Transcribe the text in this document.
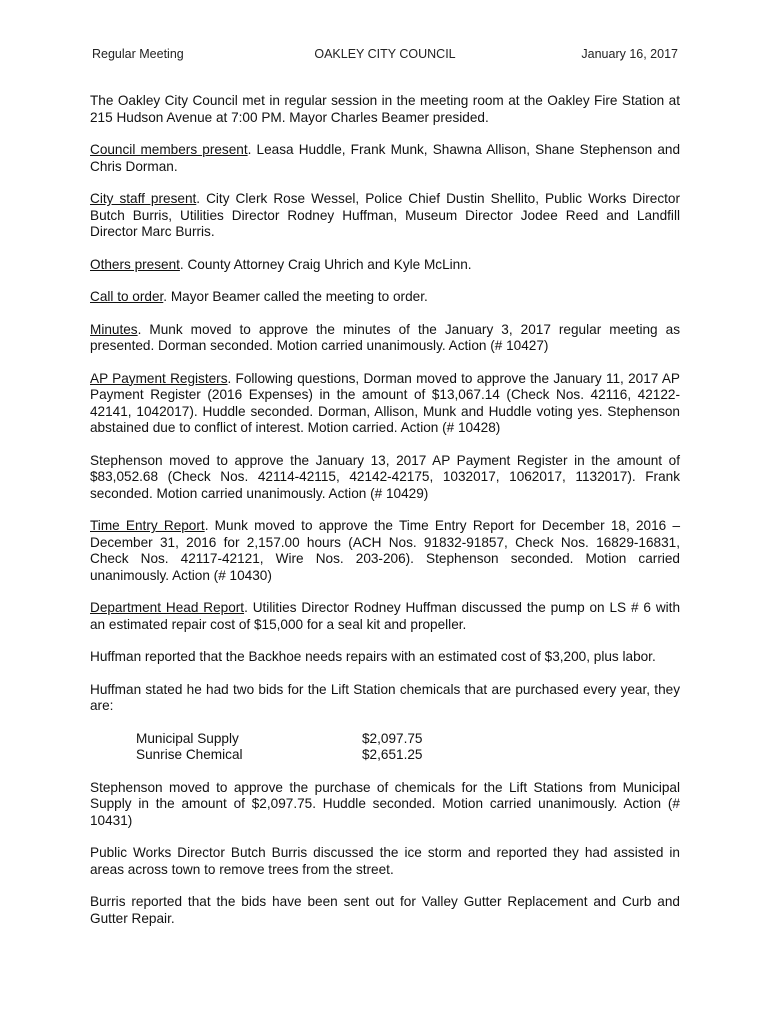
Regular Meeting	OAKLEY CITY COUNCIL	January 16, 2017

The Oakley City Council met in regular session in the meeting room at the Oakley Fire Station at 215 Hudson Avenue at 7:00 PM. Mayor Charles Beamer presided.

Council members present. Leasa Huddle, Frank Munk, Shawna Allison, Shane Stephenson and Chris Dorman.

City staff present. City Clerk Rose Wessel, Police Chief Dustin Shellito, Public Works Director Butch Burris, Utilities Director Rodney Huffman, Museum Director Jodee Reed and Landfill Director Marc Burris.

Others present. County Attorney Craig Uhrich and Kyle McLinn.

Call to order. Mayor Beamer called the meeting to order.

Minutes. Munk moved to approve the minutes of the January 3, 2017 regular meeting as presented. Dorman seconded. Motion carried unanimously. Action (# 10427)

AP Payment Registers. Following questions, Dorman moved to approve the January 11, 2017 AP Payment Register (2016 Expenses) in the amount of $13,067.14 (Check Nos. 42116, 42122-42141, 1042017). Huddle seconded. Dorman, Allison, Munk and Huddle voting yes. Stephenson abstained due to conflict of interest. Motion carried. Action (# 10428)

Stephenson moved to approve the January 13, 2017 AP Payment Register in the amount of $83,052.68 (Check Nos. 42114-42115, 42142-42175, 1032017, 1062017, 1132017). Frank seconded. Motion carried unanimously. Action (# 10429)

Time Entry Report. Munk moved to approve the Time Entry Report for December 18, 2016 – December 31, 2016 for 2,157.00 hours (ACH Nos. 91832-91857, Check Nos. 16829-16831, Check Nos. 42117-42121, Wire Nos. 203-206). Stephenson seconded. Motion carried unanimously. Action (# 10430)

Department Head Report. Utilities Director Rodney Huffman discussed the pump on LS # 6 with an estimated repair cost of $15,000 for a seal kit and propeller.

Huffman reported that the Backhoe needs repairs with an estimated cost of $3,200, plus labor.

Huffman stated he had two bids for the Lift Station chemicals that are purchased every year, they are:

Municipal Supply	$2,097.75
Sunrise Chemical	$2,651.25

Stephenson moved to approve the purchase of chemicals for the Lift Stations from Municipal Supply in the amount of $2,097.75. Huddle seconded. Motion carried unanimously. Action (# 10431)

Public Works Director Butch Burris discussed the ice storm and reported they had assisted in areas across town to remove trees from the street.

Burris reported that the bids have been sent out for Valley Gutter Replacement and Curb and Gutter Repair.
